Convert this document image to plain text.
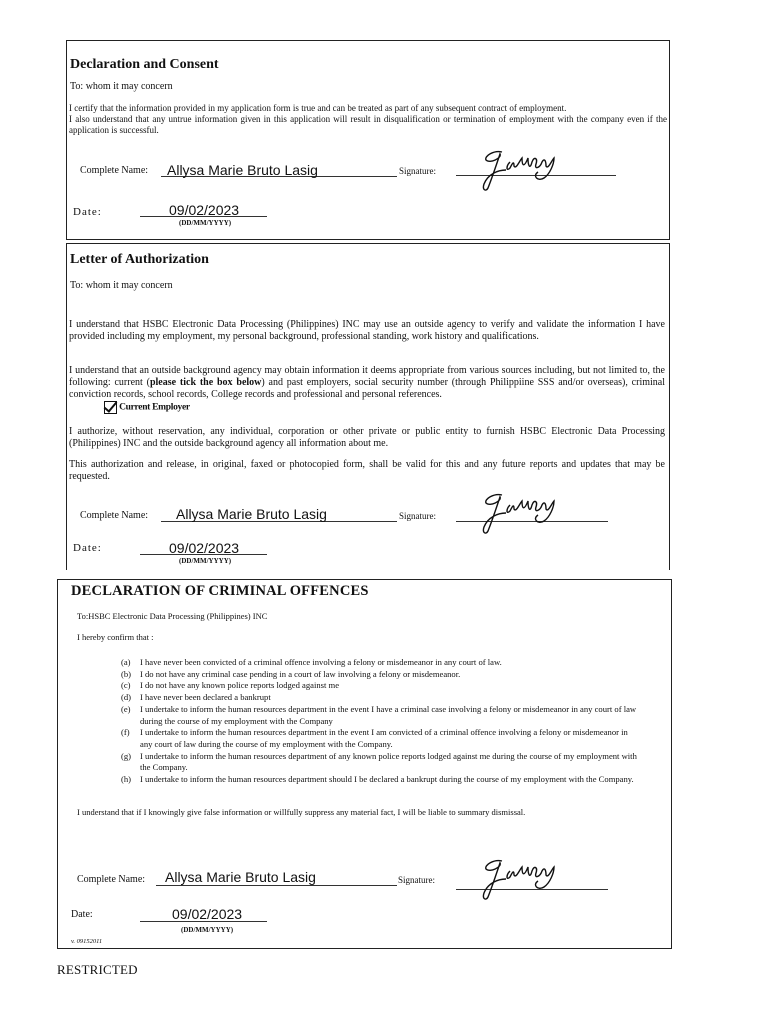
Declaration and Consent
To: whom it may concern
I certify that the information provided in my application form is true and can be treated as part of any subsequent contract of employment.
I also understand that any untrue information given in this application will result in disqualification or termination of employment with the company even if the application is successful.
Complete Name: Allysa Marie Bruto Lasig	Signature:
Date:	09/02/2023
(DD/MM/YYYY)
Letter of Authorization
To: whom it may concern
I understand that HSBC Electronic Data Processing (Philippines) INC may use an outside agency to verify and validate the information I have provided including my employment, my personal background, professional standing, work history and qualifications.
I understand that an outside background agency may obtain information it deems appropriate from various sources including, but not limited to, the following: current (please tick the box below) and past employers, social security number (through Philippiine SSS and/or overseas), criminal conviction records, school records, College records and professional and personal references.
Current Employer
I authorize, without reservation, any individual, corporation or other private or public entity to furnish HSBC Electronic Data Processing (Philippines) INC and the outside background agency all information about me.
This authorization and release, in original, faxed or photocopied form, shall be valid for this and any future reports and updates that may be requested.
Complete Name: Allysa Marie Bruto Lasig	Signature:
Date:	09/02/2023
(DD/MM/YYYY)
DECLARATION OF CRIMINAL OFFENCES
To:HSBC Electronic Data Processing (Philippines) INC
I hereby confirm that :
(a)	I have never been convicted of a criminal offence involving a felony or misdemeanor in any court of law.
(b)	I do not have any criminal case pending in a court of law involving a felony or misdemeanor.
(c)	I do not have any known police reports lodged against me
(d)	I have never been declared a bankrupt
(e)	I undertake to inform the human resources department in the event I have a criminal case involving a felony or misdemeanor in any court of law during the course of my employment with the Company
(f)	I undertake to inform the human resources department in the event I am convicted of a criminal offence involving a felony or misdemeanor in any court of law during the course of my employment with the Company.
(g)	I undertake to inform the human resources department of any known police reports lodged against me during the course of my employment with the Company.
(h)	I undertake to inform the human resources department should I be declared a bankrupt during the course of my employment with the Company.
I understand that if I knowingly give false information or willfully suppress any material fact, I will be liable to summary dismissal.
Complete Name: Allysa Marie Bruto Lasig	Signature:
Date:	09/02/2023
(DD/MM/YYYY)
v. 09152011
RESTRICTED
